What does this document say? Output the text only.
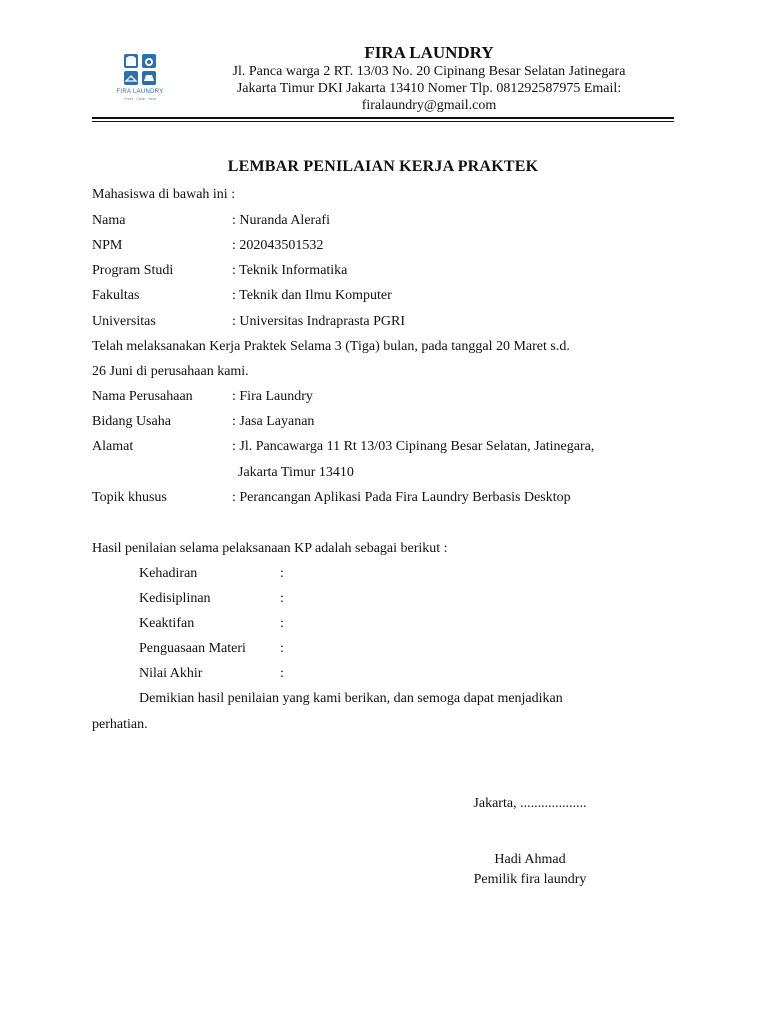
FIRA LAUNDRY
Fresh · Clean · Neat
FIRA LAUNDRY
Jl. Panca warga 2 RT. 13/03 No. 20 Cipinang Besar Selatan Jatinegara
Jakarta Timur DKI Jakarta 13410 Nomer Tlp. 081292587975 Email:
firalaundry@gmail.com
LEMBAR PENILAIAN KERJA PRAKTEK
Mahasiswa di bawah ini :
Nama	: Nuranda Alerafi
NPM	: 202043501532
Program Studi	: Teknik Informatika
Fakultas	: Teknik dan Ilmu Komputer
Universitas	: Universitas Indraprasta PGRI
Telah melaksanakan Kerja Praktek Selama 3 (Tiga) bulan, pada tanggal 20 Maret s.d.
26 Juni di perusahaan kami.
Nama Perusahaan	: Fira Laundry
Bidang Usaha	: Jasa Layanan
Alamat	: Jl. Pancawarga 11 Rt 13/03 Cipinang Besar Selatan, Jatinegara,
Jakarta Timur 13410
Topik khusus	: Perancangan Aplikasi Pada Fira Laundry Berbasis Desktop
Hasil penilaian selama pelaksanaan KP adalah sebagai berikut :
Kehadiran	:
Kedisiplinan	:
Keaktifan	:
Penguasaan Materi :
Nilai Akhir	:
Demikian hasil penilaian yang kami berikan, dan semoga dapat menjadikan
perhatian.
Jakarta, ...................
Hadi Ahmad
Pemilik fira laundry
